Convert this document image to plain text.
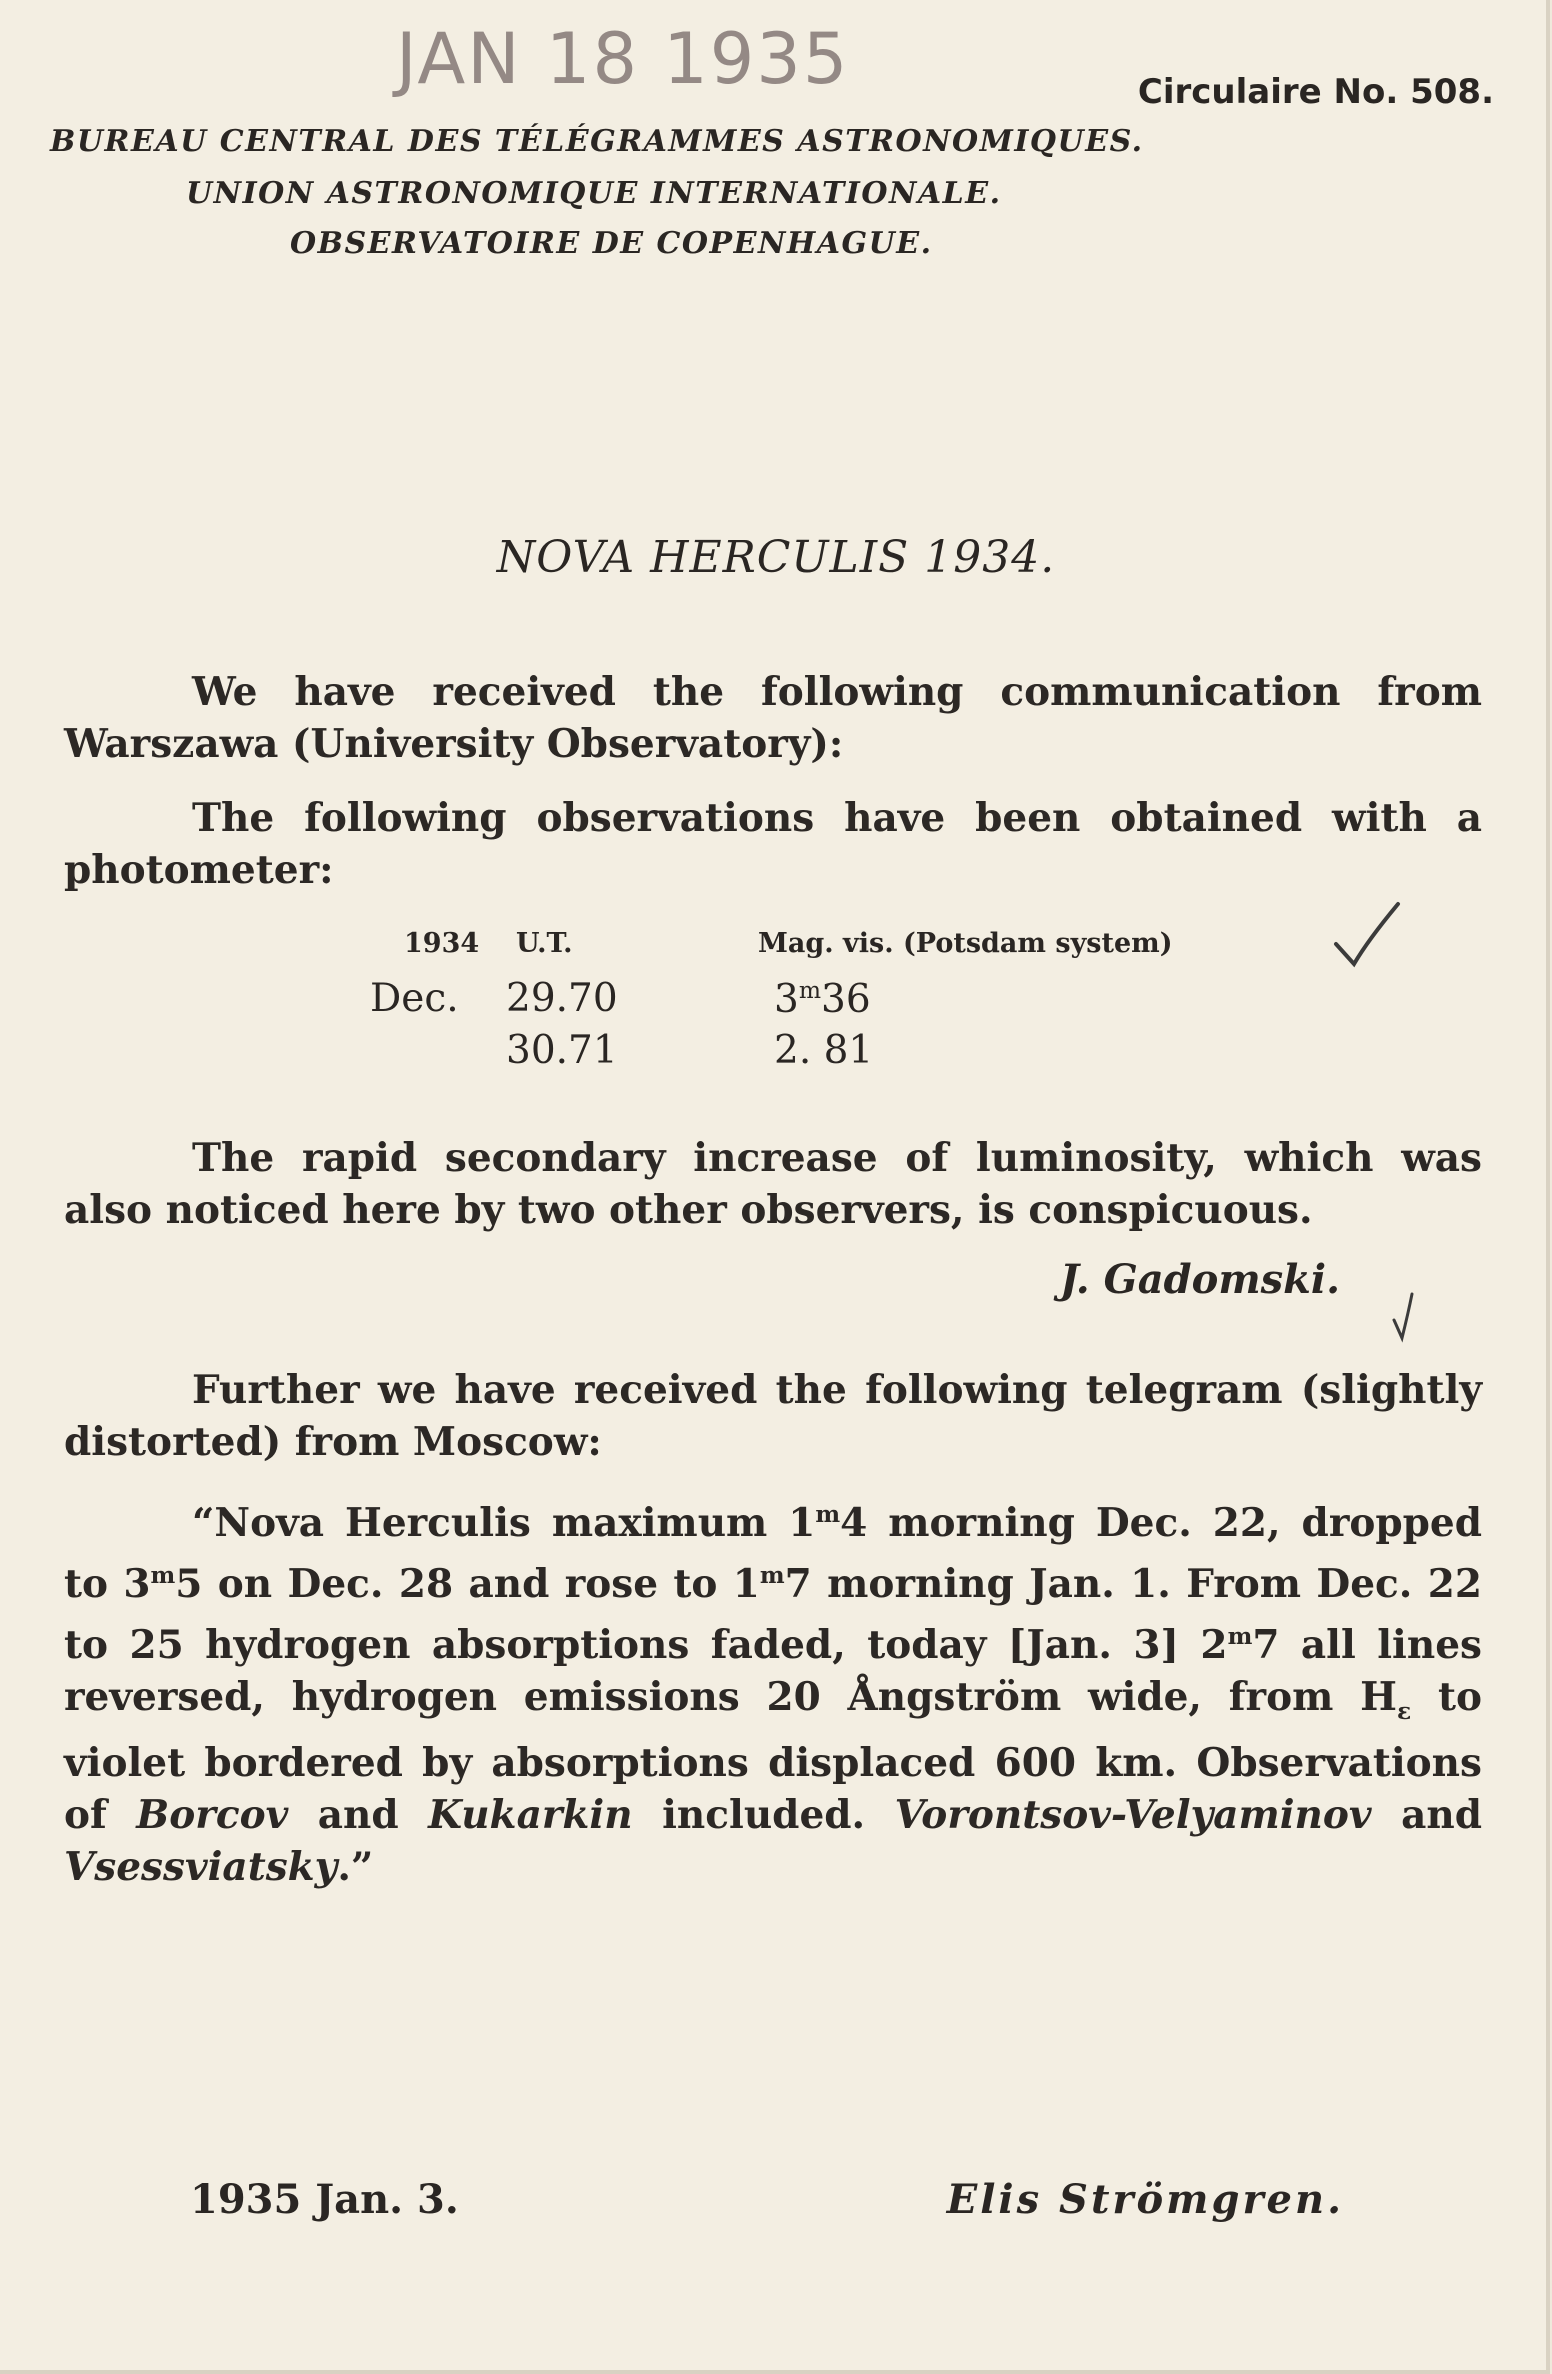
JAN 18 1935	Circulaire No. 508.
BUREAU CENTRAL DES TÉLÉGRAMMES ASTRONOMIQUES.
UNION ASTRONOMIQUE INTERNATIONALE.
OBSERVATOIRE DE COPENHAGUE.
NOVA HERCULIS 1934.
We have received the following communication from Warszawa (University Observatory):
The following observations have been obtained with a photometer:
1934 U.T.	Mag. vis. (Potsdam system)
Dec. 29.70	3$^m$36
30.71	2. 81
The rapid secondary increase of luminosity, which was also noticed here by two other observers, is conspicuous.
J. Gadomski.
Further we have received the following telegram (slightly distorted) from Moscow:
“Nova Herculis maximum 1$^m$4 morning Dec. 22, dropped to 3$^m$5 on Dec. 28 and rose to 1$^m$7 morning Jan. 1. From Dec. 22 to 25 hydrogen absorptions faded, today [Jan. 3] 2$^m$7 all lines reversed, hydrogen emissions 20 Ångström wide, from $H_\varepsilon$ to violet bordered by absorptions displaced 600 km. Observations of Borcov and Kukarkin included. Vorontsov-Velyaminov and Vsessviatsky.”
1935 Jan. 3.	Elis Strömgren.
